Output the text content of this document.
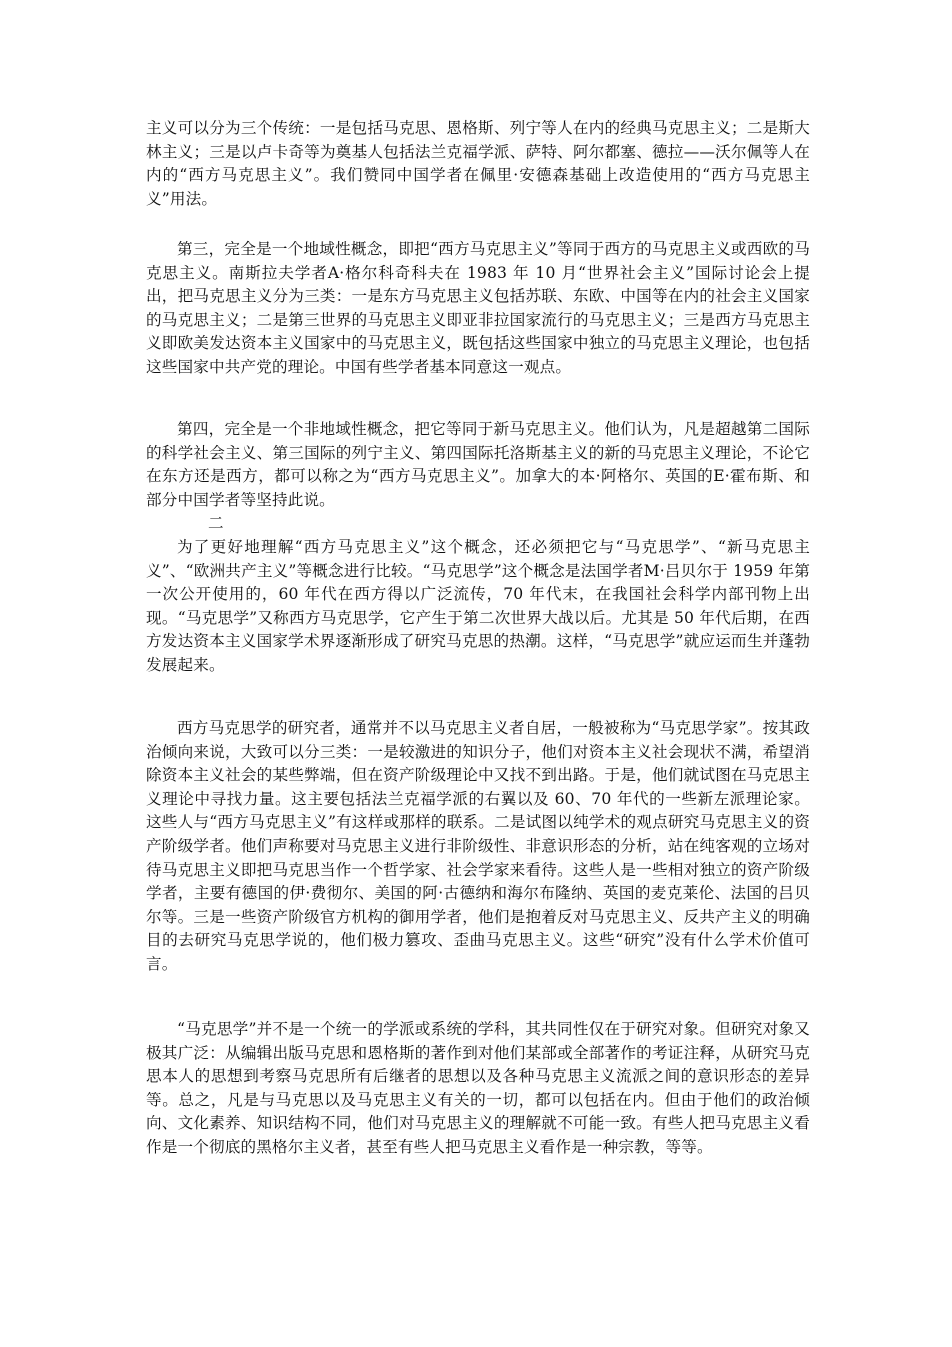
主义可以分为三个传统：一是包括马克思、恩格斯、列宁等人在内的经典马克思主义；二是斯大林主义；三是以卢卡奇等为奠基人包括法兰克福学派、萨特、阿尔都塞、德拉——沃尔佩等人在内的“西方马克思主义”。我们赞同中国学者在佩里·安德森基础上改造使用的“西方马克思主义”用法。

第三，完全是一个地域性概念，即把“西方马克思主义”等同于西方的马克思主义或西欧的马克思主义。南斯拉夫学者A·格尔科奇科夫在 1983 年 10 月“世界社会主义”国际讨论会上提出，把马克思主义分为三类：一是东方马克思主义包括苏联、东欧、中国等在内的社会主义国家的马克思主义；二是第三世界的马克思主义即亚非拉国家流行的马克思主义；三是西方马克思主义即欧美发达资本主义国家中的马克思主义，既包括这些国家中独立的马克思主义理论，也包括这些国家中共产党的理论。中国有些学者基本同意这一观点。

第四，完全是一个非地域性概念，把它等同于新马克思主义。他们认为，凡是超越第二国际的科学社会主义、第三国际的列宁主义、第四国际托洛斯基主义的新的马克思主义理论，不论它在东方还是西方，都可以称之为“西方马克思主义”。加拿大的本·阿格尔、英国的E·霍布斯、和部分中国学者等坚持此说。

二

为了更好地理解“西方马克思主义”这个概念，还必须把它与“马克思学”、“新马克思主义”、“欧洲共产主义”等概念进行比较。“马克思学”这个概念是法国学者M·吕贝尔于 1959 年第一次公开使用的，60 年代在西方得以广泛流传，70 年代末，在我国社会科学内部刊物上出现。“马克思学”又称西方马克思学，它产生于第二次世界大战以后。尤其是 50 年代后期，在西方发达资本主义国家学术界逐渐形成了研究马克思的热潮。这样，“马克思学”就应运而生并蓬勃发展起来。

西方马克思学的研究者，通常并不以马克思主义者自居，一般被称为“马克思学家”。按其政治倾向来说，大致可以分三类：一是较激进的知识分子，他们对资本主义社会现状不满，希望消除资本主义社会的某些弊端，但在资产阶级理论中又找不到出路。于是，他们就试图在马克思主义理论中寻找力量。这主要包括法兰克福学派的右翼以及 60、70 年代的一些新左派理论家。这些人与“西方马克思主义”有这样或那样的联系。二是试图以纯学术的观点研究马克思主义的资产阶级学者。他们声称要对马克思主义进行非阶级性、非意识形态的分析，站在纯客观的立场对待马克思主义即把马克思当作一个哲学家、社会学家来看待。这些人是一些相对独立的资产阶级学者，主要有德国的伊·费彻尔、美国的阿·古德纳和海尔布隆纳、英国的麦克莱伦、法国的吕贝尔等。三是一些资产阶级官方机构的御用学者，他们是抱着反对马克思主义、反共产主义的明确目的去研究马克思学说的，他们极力篡攻、歪曲马克思主义。这些“研究”没有什么学术价值可言。

“马克思学”并不是一个统一的学派或系统的学科，其共同性仅在于研究对象。但研究对象又极其广泛：从编辑出版马克思和恩格斯的著作到对他们某部或全部著作的考证注释，从研究马克思本人的思想到考察马克思所有后继者的思想以及各种马克思主义流派之间的意识形态的差异等。总之，凡是与马克思以及马克思主义有关的一切，都可以包括在内。但由于他们的政治倾向、文化素养、知识结构不同，他们对马克思主义的理解就不可能一致。有些人把马克思主义看作是一个彻底的黑格尔主义者，甚至有些人把马克思主义看作是一种宗教，等等。
